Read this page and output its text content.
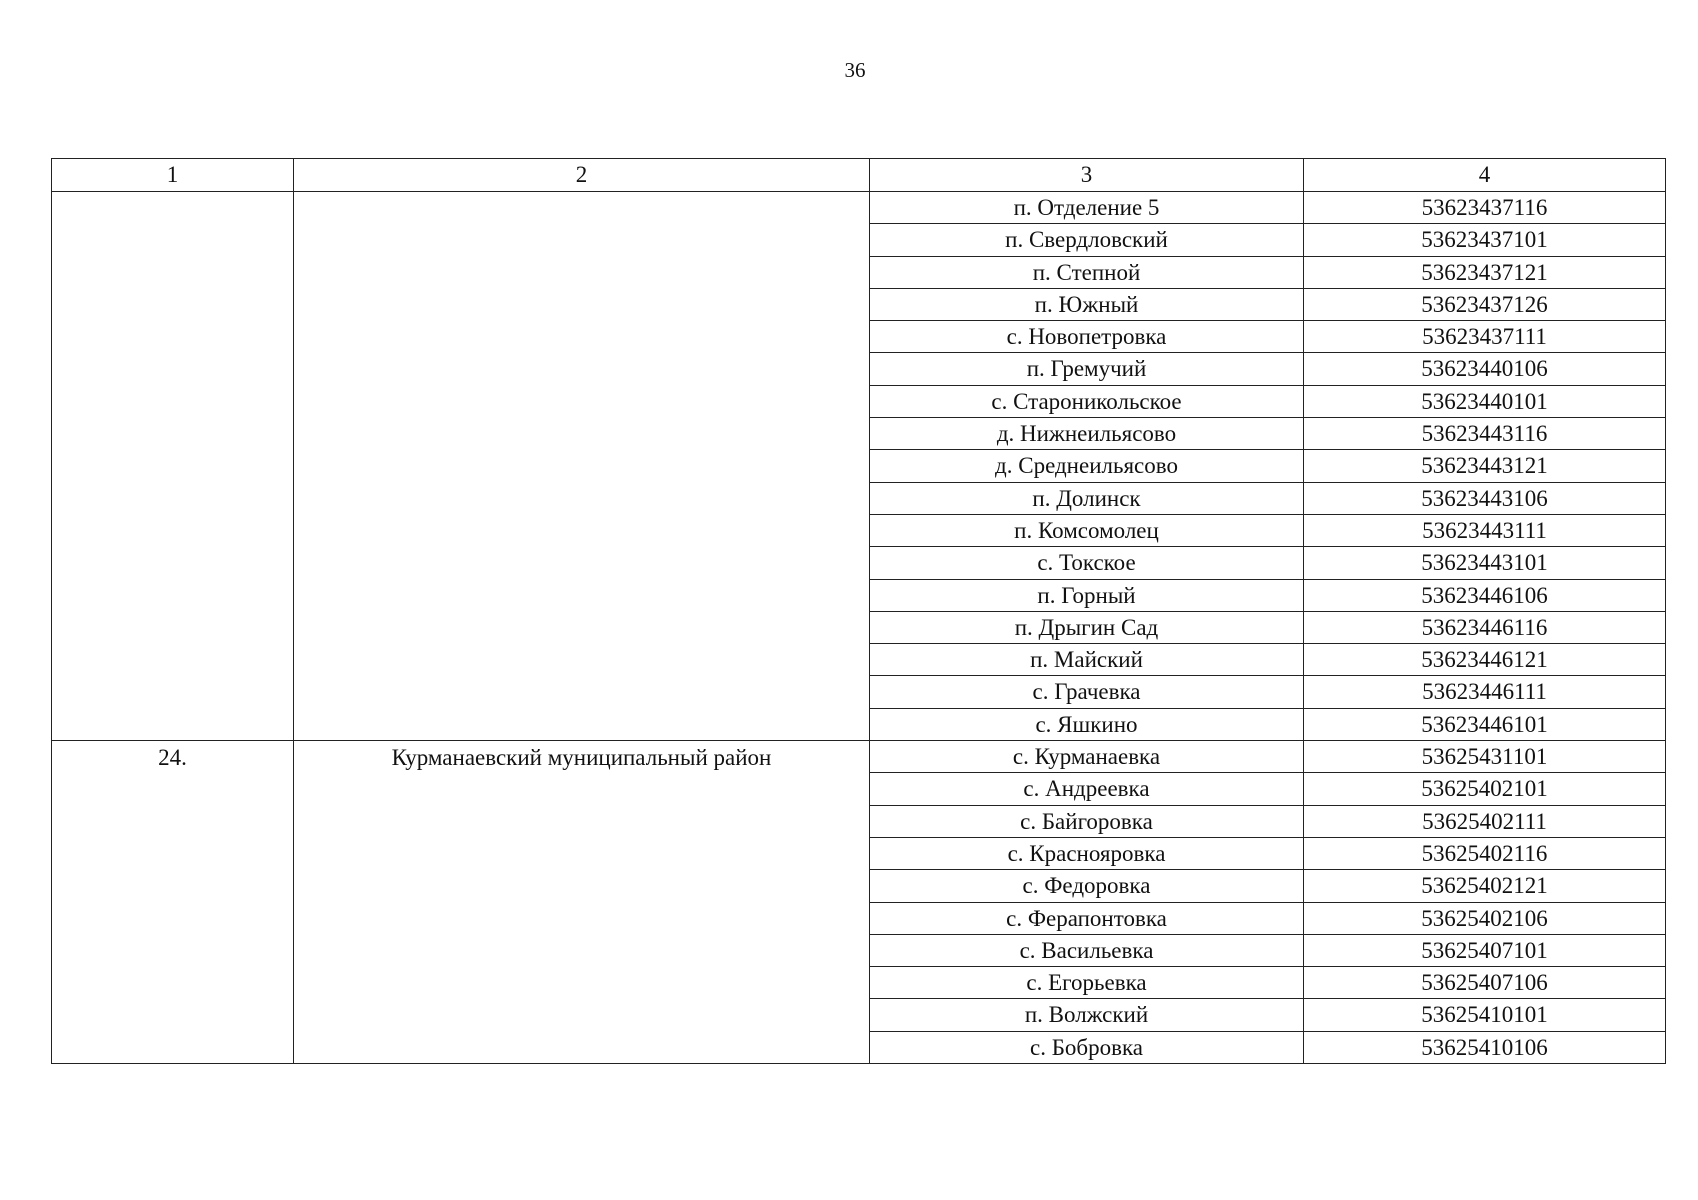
36
1	2	3	4
		п. Отделение 5	53623437116
		п. Свердловский	53623437101
		п. Степной	53623437121
		п. Южный	53623437126
		с. Новопетровка	53623437111
		п. Гремучий	53623440106
		с. Староникольское	53623440101
		д. Нижнеильясово	53623443116
		д. Среднеильясово	53623443121
		п. Долинск	53623443106
		п. Комсомолец	53623443111
		с. Токское	53623443101
		п. Горный	53623446106
		п. Дрыгин Сад	53623446116
		п. Майский	53623446121
		с. Грачевка	53623446111
		с. Яшкино	53623446101
24.	Курманаевский муниципальный район	с. Курманаевка	53625431101
		с. Андреевка	53625402101
		с. Байгоровка	53625402111
		с. Краснояровка	53625402116
		с. Федоровка	53625402121
		с. Ферапонтовка	53625402106
		с. Васильевка	53625407101
		с. Егорьевка	53625407106
		п. Волжский	53625410101
		с. Бобровка	53625410106
